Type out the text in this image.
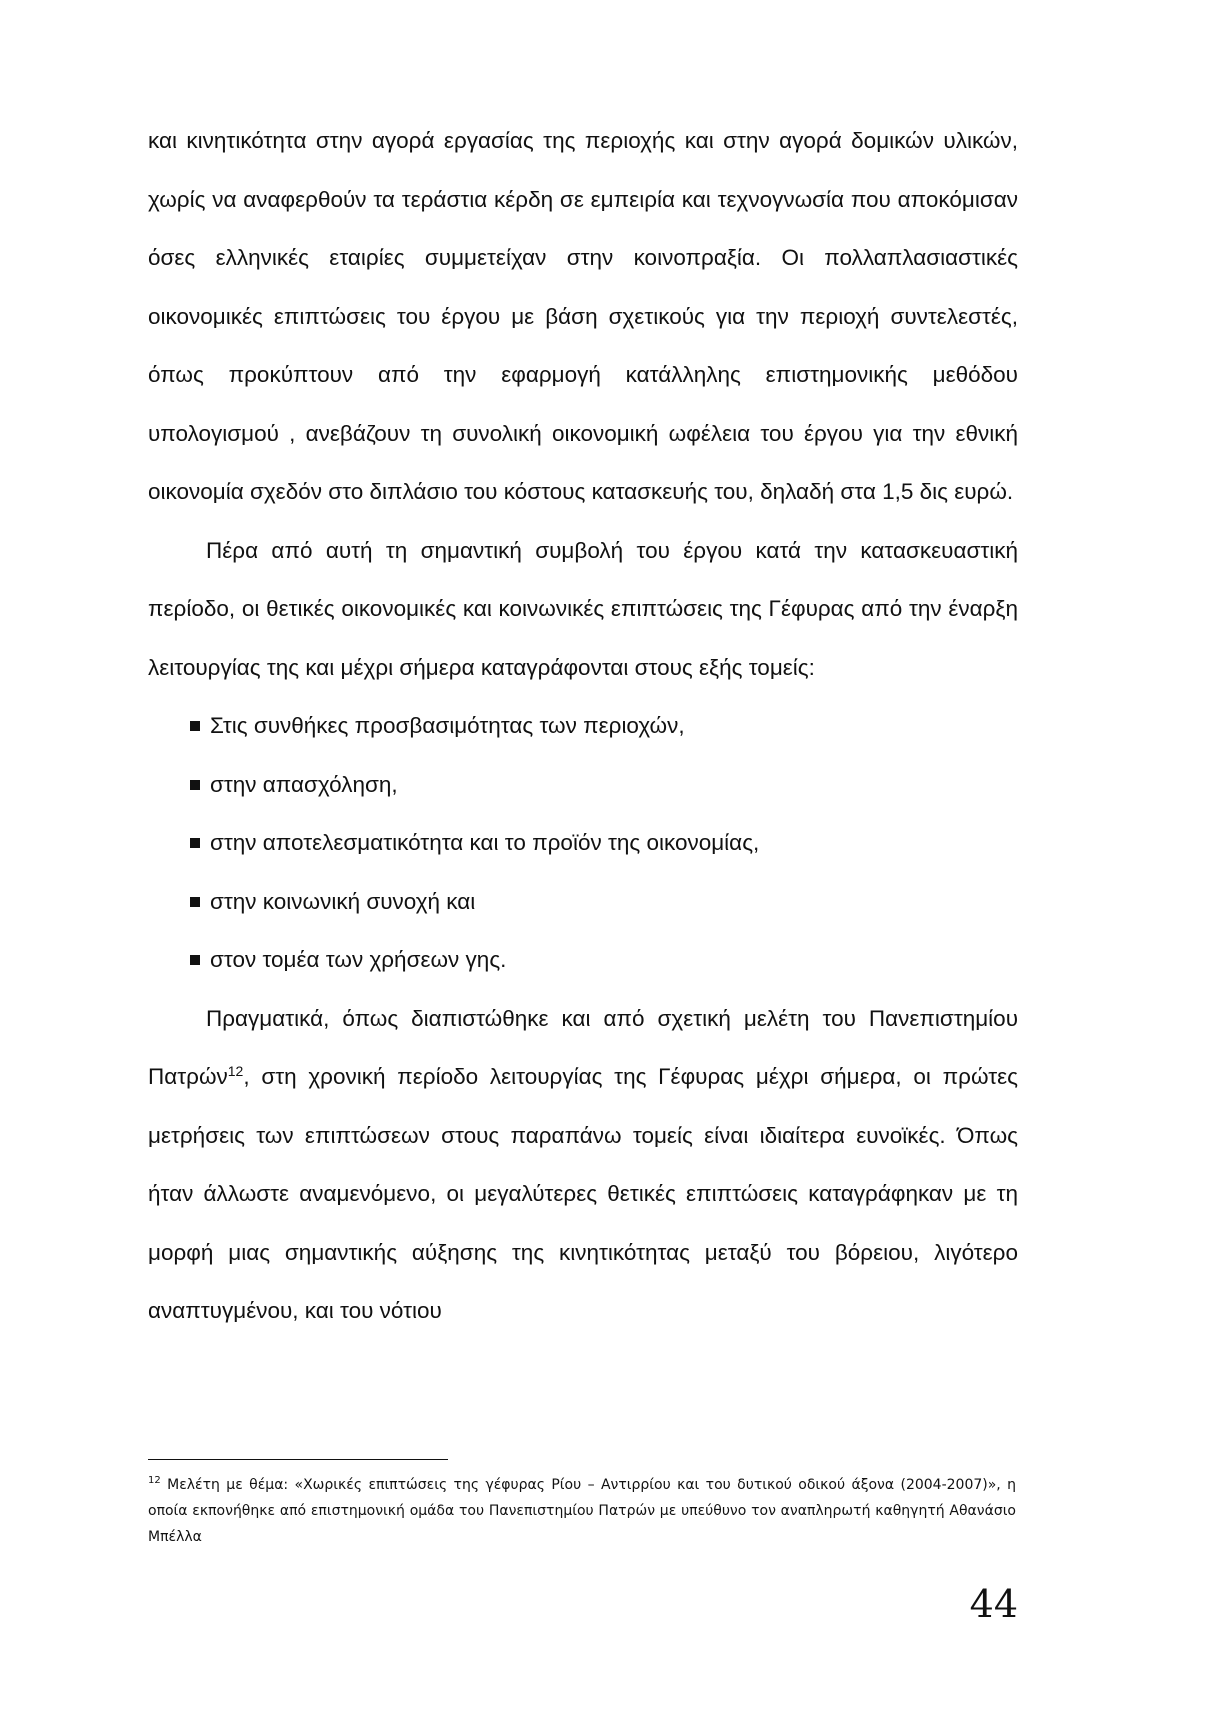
και κινητικότητα στην αγορά εργασίας της περιοχής και στην αγορά δομικών υλικών, χωρίς να αναφερθούν τα τεράστια κέρδη σε εμπειρία και τεχνογνωσία που αποκόμισαν όσες ελληνικές εταιρίες συμμετείχαν στην κοινοπραξία. Οι πολλαπλασιαστικές οικονομικές επιπτώσεις του έργου με βάση σχετικούς για την περιοχή συντελεστές, όπως προκύπτουν από την εφαρμογή κατάλληλης επιστημονικής μεθόδου υπολογισμού , ανεβάζουν τη συνολική οικονομική ωφέλεια του έργου για την εθνική οικονομία σχεδόν στο διπλάσιο του κόστους κατασκευής του, δηλαδή στα 1,5 δις ευρώ.

Πέρα από αυτή τη σημαντική συμβολή του έργου κατά την κατασκευαστική περίοδο, οι θετικές οικονομικές και κοινωνικές επιπτώσεις της Γέφυρας από την έναρξη λειτουργίας της και μέχρι σήμερα καταγράφονται στους εξής τομείς:

Στις συνθήκες προσβασιμότητας των περιοχών,
στην απασχόληση,
στην αποτελεσματικότητα και το προϊόν της οικονομίας,
στην κοινωνική συνοχή και
στον τομέα των χρήσεων γης.

Πραγματικά, όπως διαπιστώθηκε και από σχετική μελέτη του Πανεπιστημίου Πατρών$^{12}$, στη χρονική περίοδο λειτουργίας της Γέφυρας μέχρι σήμερα, οι πρώτες μετρήσεις των επιπτώσεων στους παραπάνω τομείς είναι ιδιαίτερα ευνοϊκές. Όπως ήταν άλλωστε αναμενόμενο, οι μεγαλύτερες θετικές επιπτώσεις καταγράφηκαν με τη μορφή μιας σημαντικής αύξησης της κινητικότητας μεταξύ του βόρειου, λιγότερο αναπτυγμένου, και του νότιου

$^{12}$ Μελέτη με θέμα: «Χωρικές επιπτώσεις της γέφυρας Ρίου – Αντιρρίου και του δυτικού οδικού άξονα (2004-2007)», η οποία εκπονήθηκε από επιστημονική ομάδα του Πανεπιστημίου Πατρών με υπεύθυνο τον αναπληρωτή καθηγητή Αθανάσιο Μπέλλα

44
